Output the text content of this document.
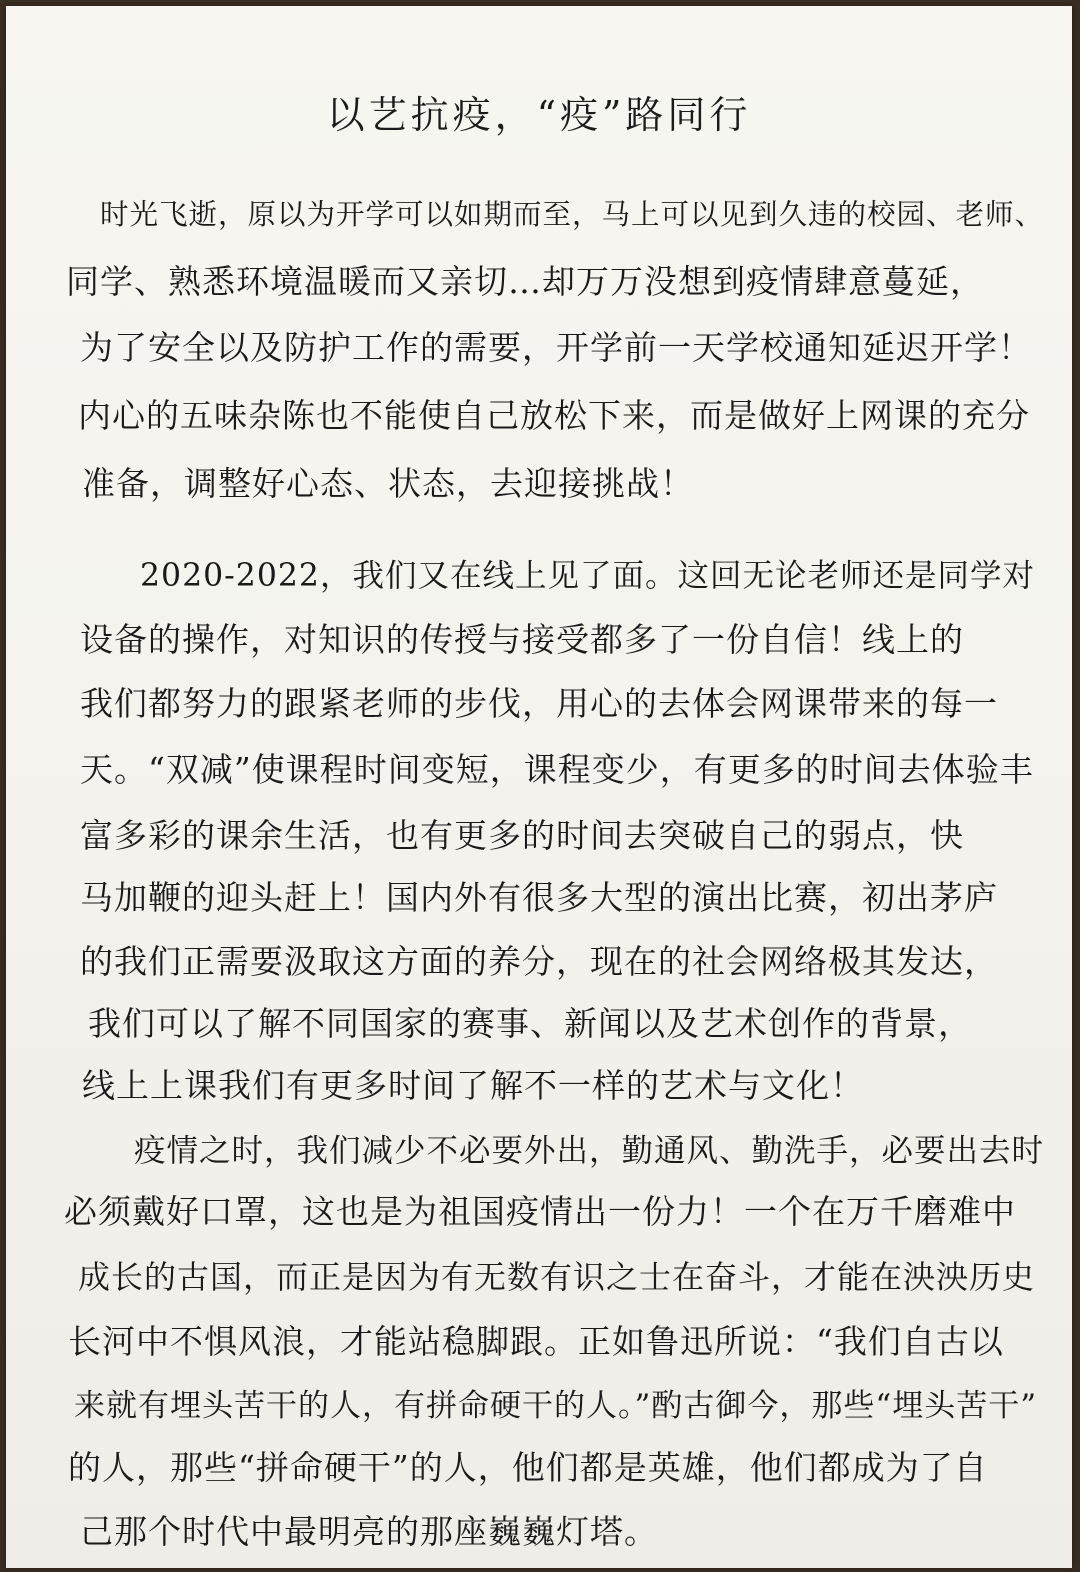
以艺抗疫，“疫”路同行
时光飞逝，原以为开学可以如期而至，马上可以见到久违的校园、老师、
同学、熟悉环境温暖而又亲切…却万万没想到疫情肆意蔓延，
为了安全以及防护工作的需要，开学前一天学校通知延迟开学！
内心的五味杂陈也不能使自己放松下来，而是做好上网课的充分
准备，调整好心态、状态，去迎接挑战！
2020-2022，我们又在线上见了面。这回无论老师还是同学对
设备的操作，对知识的传授与接受都多了一份自信！线上的
我们都努力的跟紧老师的步伐，用心的去体会网课带来的每一
天。“双减”使课程时间变短，课程变少，有更多的时间去体验丰
富多彩的课余生活，也有更多的时间去突破自己的弱点，快
马加鞭的迎头赶上！国内外有很多大型的演出比赛，初出茅庐
的我们正需要汲取这方面的养分，现在的社会网络极其发达，
我们可以了解不同国家的赛事、新闻以及艺术创作的背景，
线上上课我们有更多时间了解不一样的艺术与文化！
疫情之时，我们减少不必要外出，勤通风、勤洗手，必要出去时
必须戴好口罩，这也是为祖国疫情出一份力！一个在万千磨难中
成长的古国，而正是因为有无数有识之士在奋斗，才能在泱泱历史
长河中不惧风浪，才能站稳脚跟。正如鲁迅所说：“我们自古以
来就有埋头苦干的人，有拼命硬干的人。”酌古御今，那些“埋头苦干”
的人，那些“拼命硬干”的人，他们都是英雄，他们都成为了自
己那个时代中最明亮的那座巍巍灯塔。
